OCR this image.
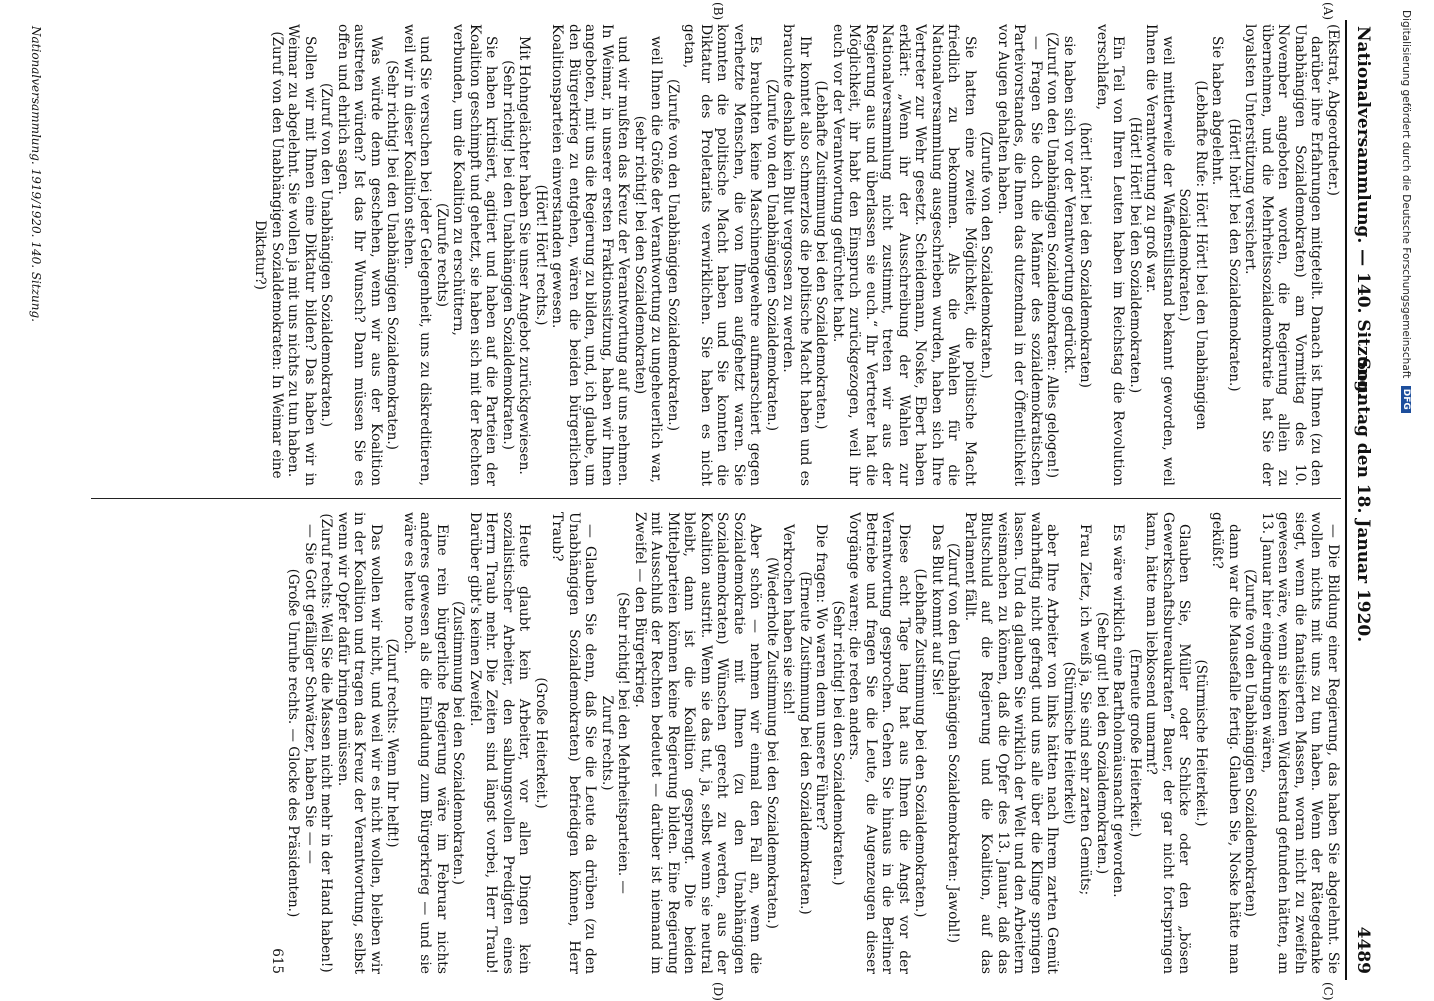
Nationalversammlung. — 140. Sitzung.
Sonntag den 18. Januar 1920.
4489
(A)
(B)
(C)
(D)

(Ekstrat, Abgeordneter.)

darüber ihre Erfahrungen mitgeteilt. Danach ist Ihnen (zu den Unabhängigen Sozialdemokraten) am Vormittag des 10. November angeboten worden, die Regierung allein zu übernehmen, und die Mehrheitssozialdemokratie hat Sie der loyalsten Unterstützung versichert.

(Hört! hört! bei den Sozialdemokraten.)

Sie haben abgelehnt.

(Lebhafte Rufe: Hört! Hört! bei den Unabhängigen Sozialdemokraten.)

weil mittlerweile der Waffenstillstand bekannt geworden, weil Ihnen die Verantwortung zu groß war.

(Hört! Hört! bei den Sozialdemokraten.)

Ein Teil von Ihren Leuten haben im Reichstag die Revolution verschlafen,

(hört! hört! bei den Sozialdemokraten)

sie haben sich vor der Verantwortung gedrückt.

(Zuruf von den Unabhängigen Sozialdemokraten: Alles gelogen!)

— Fragen Sie doch die Männer des sozialdemokratischen Parteivorstandes, die Ihnen das dutzendmal in der Öffentlichkeit vor Augen gehalten haben.

(Zurufe von den Sozialdemokraten.)

Sie hatten eine zweite Möglichkeit, die politische Macht friedlich zu bekommen. Als die Wahlen für die Nationalversammlung ausgeschrieben wurden, haben sich Ihre Vertreter zur Wehr gesetzt. Scheidemann, Noske, Ebert haben erklärt: „Wenn ihr der Ausschreibung der Wahlen zur Nationalversammlung nicht zustimmt, treten wir aus der Regierung aus und überlassen sie euch.“ Ihr Vertreter hat die Möglichkeit, ihr habt den Einspruch zurückgezogen, weil ihr euch vor der Verantwortung gefürchtet habt.

(Lebhafte Zustimmung bei den Sozialdemokraten.)

Ihr konntet also schmerzlos die politische Macht haben und es brauchte deshalb kein Blut vergossen zu werden.

(Zurufe von den Unabhängigen Sozialdemokraten.)

Es brauchten keine Maschinengewehre aufmarschiert gegen verhetzte Menschen, die von Ihnen aufgehetzt waren. Sie konnten die politische Macht haben und Sie konnten die Diktatur des Proletariats verwirklichen. Sie haben es nicht getan,

(Zurufe von den Unabhängigen Sozialdemokraten.)

weil Ihnen die Größe der Verantwortung zu ungeheuerlich war,

(sehr richtig! bei den Sozialdemokraten)

und wir mußten das Kreuz der Verantwortung auf uns nehmen. In Weimar, in unserer ersten Fraktionssitzung, haben wir Ihnen angeboten, mit uns die Regierung zu bilden, und, ich glaube, um den Bürgerkrieg zu entgehen, wären die beiden bürgerlichen Koalitionsparteien einverstanden gewesen.

(Hört! Hört! rechts.)

Mit Hohngelächter haben Sie unser Angebot zurückgewiesen.

(Sehr richtig! bei den Unabhängigen Sozialdemokraten.)

Sie haben kritisiert, agitiert und haben auf die Parteien der Koalition geschimpft und gehetzt, sie haben sich mit der Rechten verbunden, um die Koalition zu erschüttern,

(Zurufe rechts)

und Sie versuchen bei jeder Gelegenheit, uns zu diskreditieren, weil wir in dieser Koalition stehen.

(Sehr richtig! bei den Unabhängigen Sozialdemokraten.)

Was würde denn geschehen, wenn wir aus der Koalition austreten würden? Ist das Ihr Wunsch? Dann müssen Sie es offen und ehrlich sagen.

(Zuruf von den Unabhängigen Sozialdemokraten.)

Sollen wir mit Ihnen eine Diktatur bilden? Das haben wir in Weimar zu abgelehnt. Sie wollen ja mit uns nichts zu tun haben.

(Zuruf von den Unabhängigen Sozialdemokraten: In Weimar eine Diktatur?)

— Die Bildung einer Regierung, das haben Sie abgelehnt. Sie wollen nichts mit uns zu tun haben. Wenn der Rätegedanke siegt, wenn die fanatisierten Massen, woran nicht zu zweifeln gewesen wäre, wenn sie keinen Widerstand gefunden hätten, am 13. Januar hier eingedrungen wären,

(Zurufe von den Unabhängigen Sozialdemokraten)

dann war die Mausefalle fertig. Glauben Sie, Noske hätte man geküßt?

(Stürmische Heiterkeit.)

Glauben Sie, Müller oder Schlicke oder den „bösen Gewerkschaftsbureaukraten“ Bauer, der gar nicht fortspringen kann, hätte man liebkosend umarmt?

(Erneute große Heiterkeit.)

Es wäre wirklich eine Bartholomäusnacht geworden.

(Sehr gut! bei den Sozialdemokraten.)

Frau Zietz, ich weiß ja, Sie sind sehr zarten Gemüts;

(Stürmische Heiterkeit)

aber Ihre Arbeiter von links hätten nach Ihrem zarten Gemüt wahrhaftig nicht gefragt und uns alle über die Klinge springen lassen. Und da glauben Sie wirklich der Welt und den Arbeitern weismachen zu können, daß die Opfer des 13. Januar, daß das Blutschuld auf die Regierung und die Koalition, auf das Parlament fällt.

(Zuruf von den Unabhängigen Sozialdemokraten: Jawohl!)

Das Blut kommt auf Sie!

(Lebhafte Zustimmung bei den Sozialdemokraten.)

Diese acht Tage lang hat aus Ihnen die Angst vor der Verantwortung gesprochen. Gehen Sie hinaus in die Berliner Betriebe und fragen Sie die Leute, die Augenzeugen dieser Vorgänge waren; die reden anders.

(Sehr richtig! bei den Sozialdemokraten.)

Die fragen: Wo waren denn unsere Führer?

(Erneute Zustimmung bei den Sozialdemokraten.)

Verkrochen haben sie sich!

(Wiederholte Zustimmung bei den Sozialdemokraten.)

Aber schön — nehmen wir einmal den Fall an, wenn die Sozialdemokratie mit Ihnen (zu den Unabhängigen Sozialdemokraten) Wünschen gerecht zu werden, aus der Koalition austritt. Wenn sie das tut, ja, selbst wenn sie neutral bleibt, dann ist die Koalition gesprengt. Die beiden Mittelparteien können keine Regierung bilden. Eine Regierung mit Ausschluß der Rechten bedeutet — darüber ist niemand im Zweifel — den Bürgerkrieg.

(Sehr richtig! bei den Mehrheitsparteien. —

Zuruf rechts.)

— Glauben Sie denn, daß Sie die Leute da drüben (zu den Unabhängigen Sozialdemokraten) befriedigen können, Herr Traub?

(Große Heiterkeit.)

Heute glaubt kein Arbeiter, vor allen Dingen kein sozialistischer Arbeiter, den salbungsvollen Predigten eines Herrn Traub mehr. Die Zeiten sind längst vorbei, Herr Traub! Darüber gibt's keinen Zweifel.

(Zustimmung bei den Sozialdemokraten.)

Eine rein bürgerliche Regierung wäre im Februar nichts anderes gewesen als die Einladung zum Bürgerkrieg — und sie wäre es heute noch.

(Zuruf rechts: Wenn Ihr helft!)

Das wollen wir nicht, und weil wir es nicht wollen, bleiben wir in der Koalition und tragen das Kreuz der Verantwortung, selbst wenn wir Opfer dafür bringen müssen.

(Zuruf rechts: Weil Sie die Massen nicht mehr in der Hand haben!)

— Sie Gott gefälliger Schwätzer, haben Sie — —

(Große Unruhe rechts. — Glocke des Präsidenten.)

615

Nationalversammlung. 1919/1920. 140. Sitzung.	Digitalisierung gefördert durch die Deutsche Forschungsgemeinschaft DFG
